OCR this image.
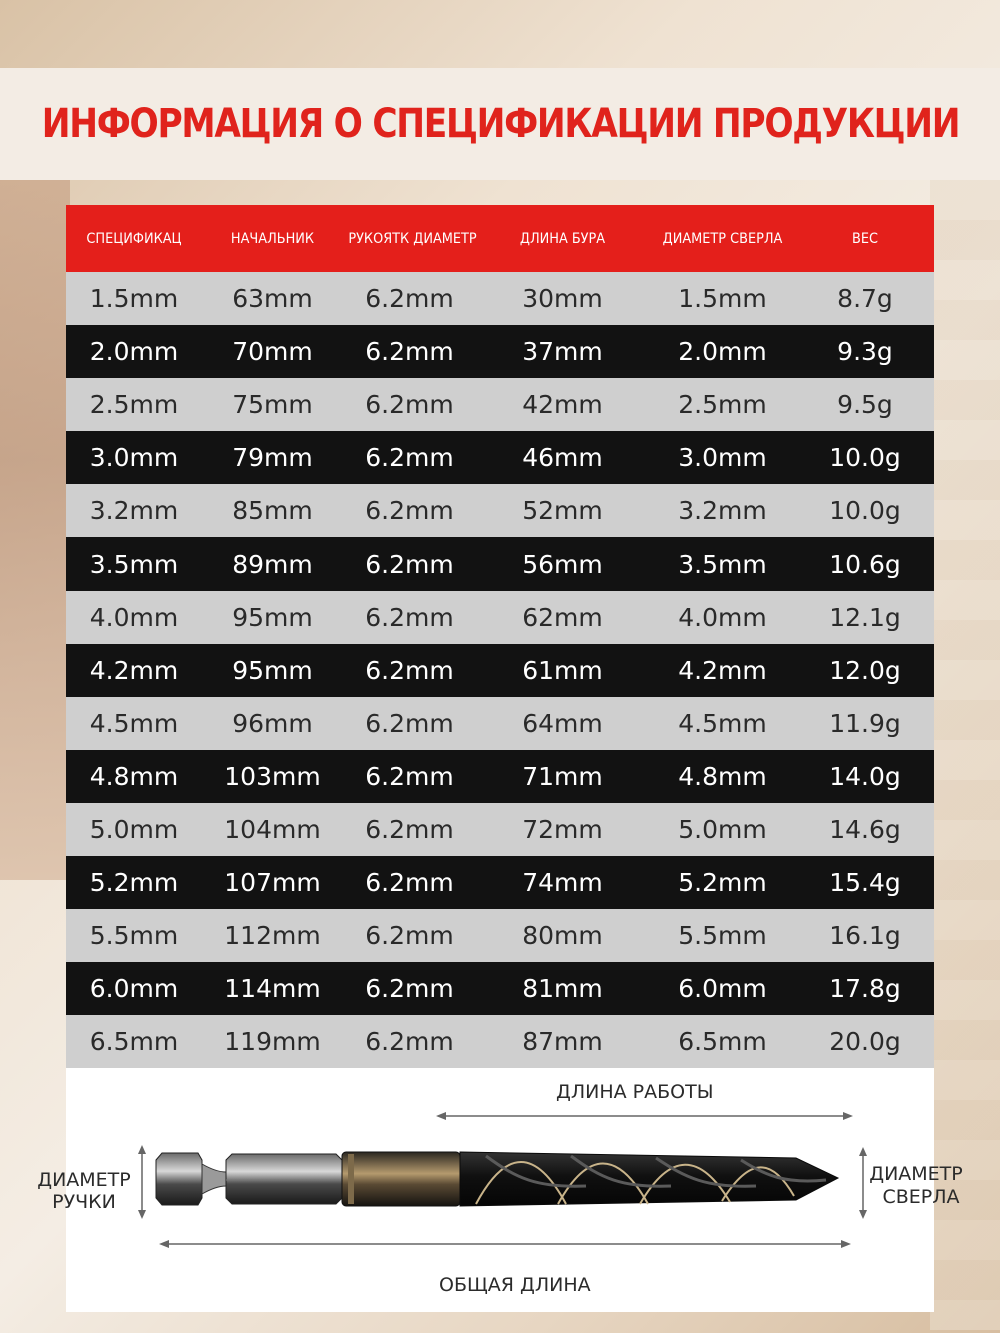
ИНФОРМАЦИЯ О СПЕЦИФИКАЦИИ ПРОДУКЦИИ
СПЕЦИФИКАЦ	НАЧАЛЬНИК	РУКОЯТК ДИАМЕТР	ДЛИНА БУРА	ДИАМЕТР СВЕРЛА	ВЕС
1.5mm	63mm	6.2mm	30mm	1.5mm	8.7g
2.0mm	70mm	6.2mm	37mm	2.0mm	9.3g
2.5mm	75mm	6.2mm	42mm	2.5mm	9.5g
3.0mm	79mm	6.2mm	46mm	3.0mm	10.0g
3.2mm	85mm	6.2mm	52mm	3.2mm	10.0g
3.5mm	89mm	6.2mm	56mm	3.5mm	10.6g
4.0mm	95mm	6.2mm	62mm	4.0mm	12.1g
4.2mm	95mm	6.2mm	61mm	4.2mm	12.0g
4.5mm	96mm	6.2mm	64mm	4.5mm	11.9g
4.8mm	103mm	6.2mm	71mm	4.8mm	14.0g
5.0mm	104mm	6.2mm	72mm	5.0mm	14.6g
5.2mm	107mm	6.2mm	74mm	5.2mm	15.4g
5.5mm	112mm	6.2mm	80mm	5.5mm	16.1g
6.0mm	114mm	6.2mm	81mm	6.0mm	17.8g
6.5mm	119mm	6.2mm	87mm	6.5mm	20.0g
ДЛИНА РАБОТЫ
ДИАМЕТР
РУЧКИ
ДИАМЕТР
СВЕРЛА
ОБЩАЯ ДЛИНА
